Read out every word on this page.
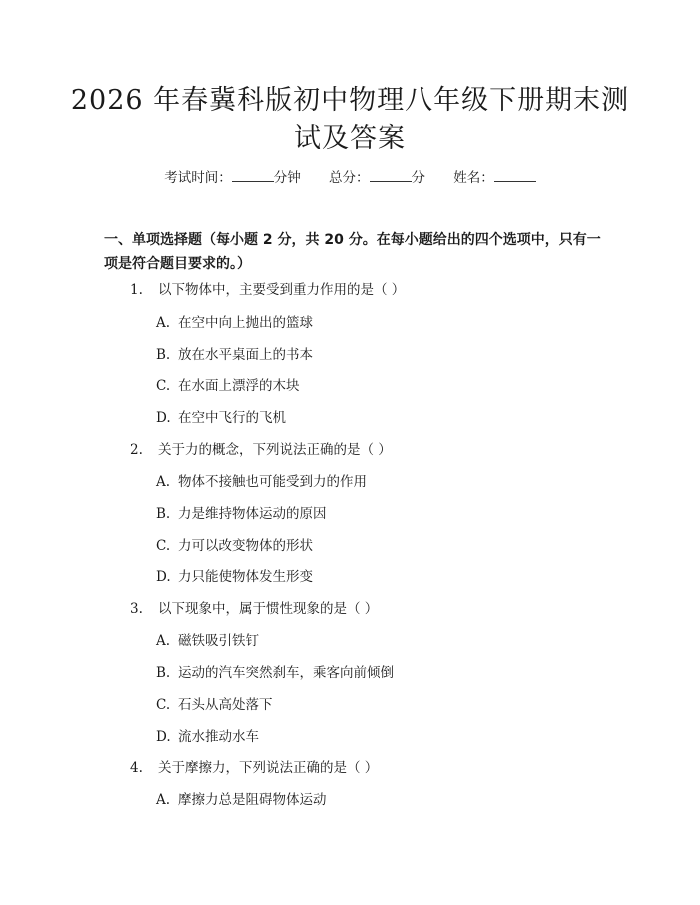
2026 年春冀科版初中物理八年级下册期末测
试及答案
考试时间：	分钟 总分：	分 姓名：
一、单项选择题（每小题 2 分，共 20 分。在每小题给出的四个选项中，只有一项是符合题目要求的。）
1. 以下物体中，主要受到重力作用的是（ ）
A. 在空中向上抛出的篮球
B. 放在水平桌面上的书本
C. 在水面上漂浮的木块
D. 在空中飞行的飞机
2. 关于力的概念，下列说法正确的是（ ）
A. 物体不接触也可能受到力的作用
B. 力是维持物体运动的原因
C. 力可以改变物体的形状
D. 力只能使物体发生形变
3. 以下现象中，属于惯性现象的是（ ）
A. 磁铁吸引铁钉
B. 运动的汽车突然刹车，乘客向前倾倒
C. 石头从高处落下
D. 流水推动水车
4. 关于摩擦力，下列说法正确的是（ ）
A. 摩擦力总是阻碍物体运动
